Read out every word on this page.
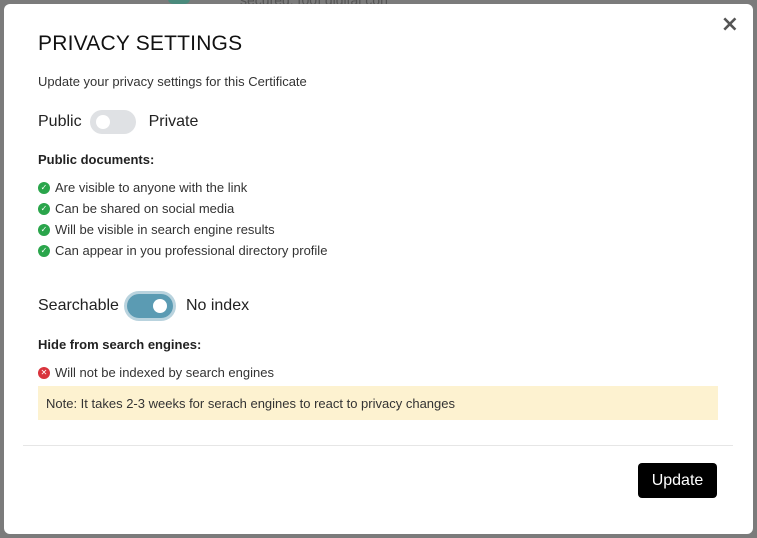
×
PRIVACY SETTINGS

Update your privacy settings for this Certificate

Public	Private
Public documents:
✓ Are visible to anyone with the link
✓ Can be shared on social media
✓ Will be visible in search engine results
✓ Can appear in you professional directory profile
Searchable	No index
Hide from search engines:
✕ Will not be indexed by search engines
Note: It takes 2-3 weeks for serach engines to react to privacy changes
Update
